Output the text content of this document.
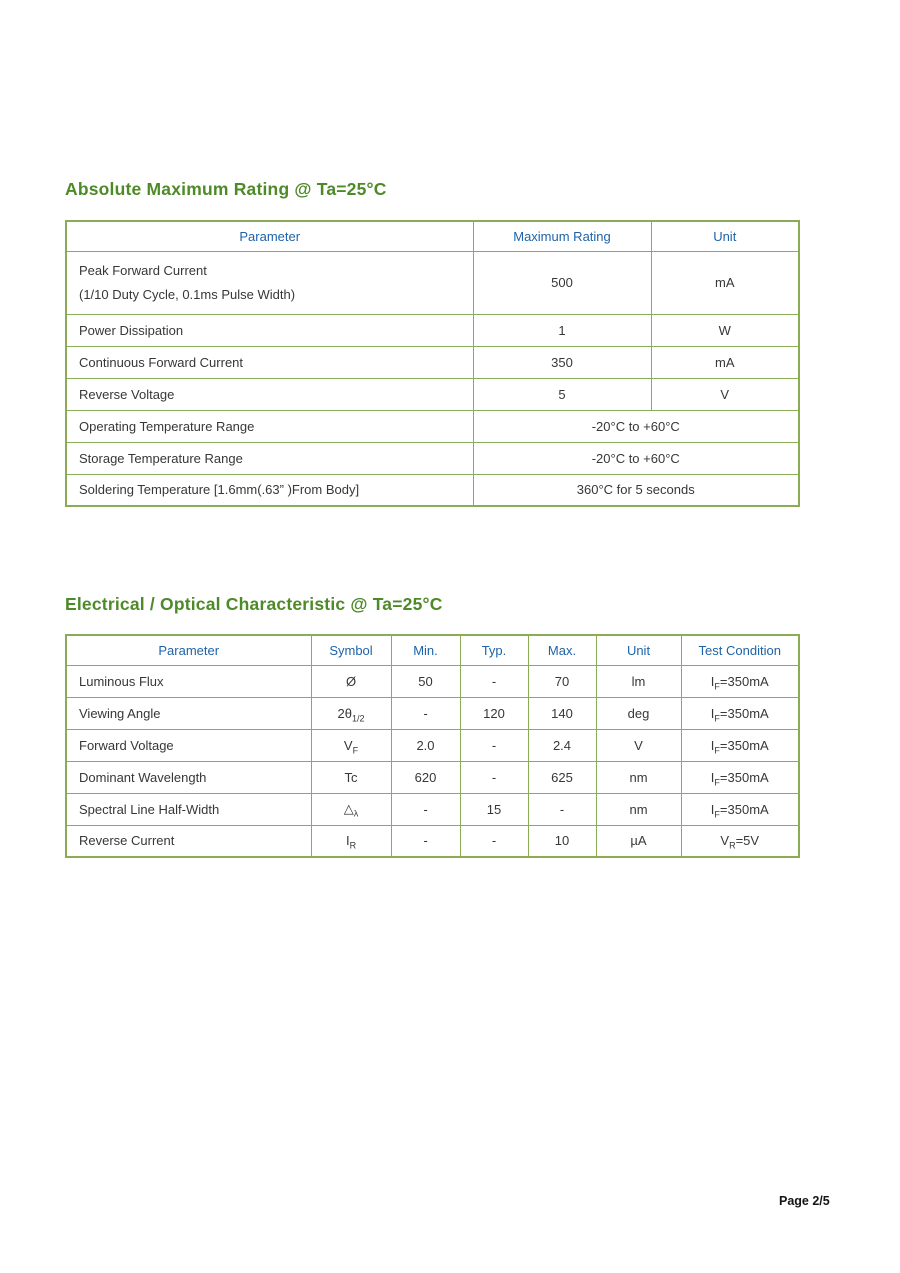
Absolute Maximum Rating @ Ta=25°C
Parameter	Maximum Rating	Unit

Peak Forward Current
(1/10 Duty Cycle, 0.1ms Pulse Width)	500	mA
Power Dissipation	1	W
Continuous Forward Current	350	mA
Reverse Voltage	5	V
Operating Temperature Range	-20°C to +60°C	
Storage Temperature Range	-20°C to +60°C	
Soldering Temperature [1.6mm(.63” )From Body]	360°C for 5 seconds	
Electrical / Optical Characteristic @ Ta=25°C
Parameter	Symbol	Min.	Typ.	Max.	Unit	Test Condition
Luminous Flux	Ø	50	-	70	lm	$I_F=350mA$
Viewing Angle	$2\theta_{1/2}$	-	120	140	deg	$I_F=350mA$
Forward Voltage	$V_F$	2.0	-	2.4	V	$I_F=350mA$
Dominant Wavelength	Tc	620	-	625	nm	$I_F=350mA$
Spectral Line Half-Width	$\triangle_\lambda$	-	15	-	nm	$I_F=350mA$
Reverse Current	$I_R$	-	-	10	µA	$V_R=5V$
Page 2/5
